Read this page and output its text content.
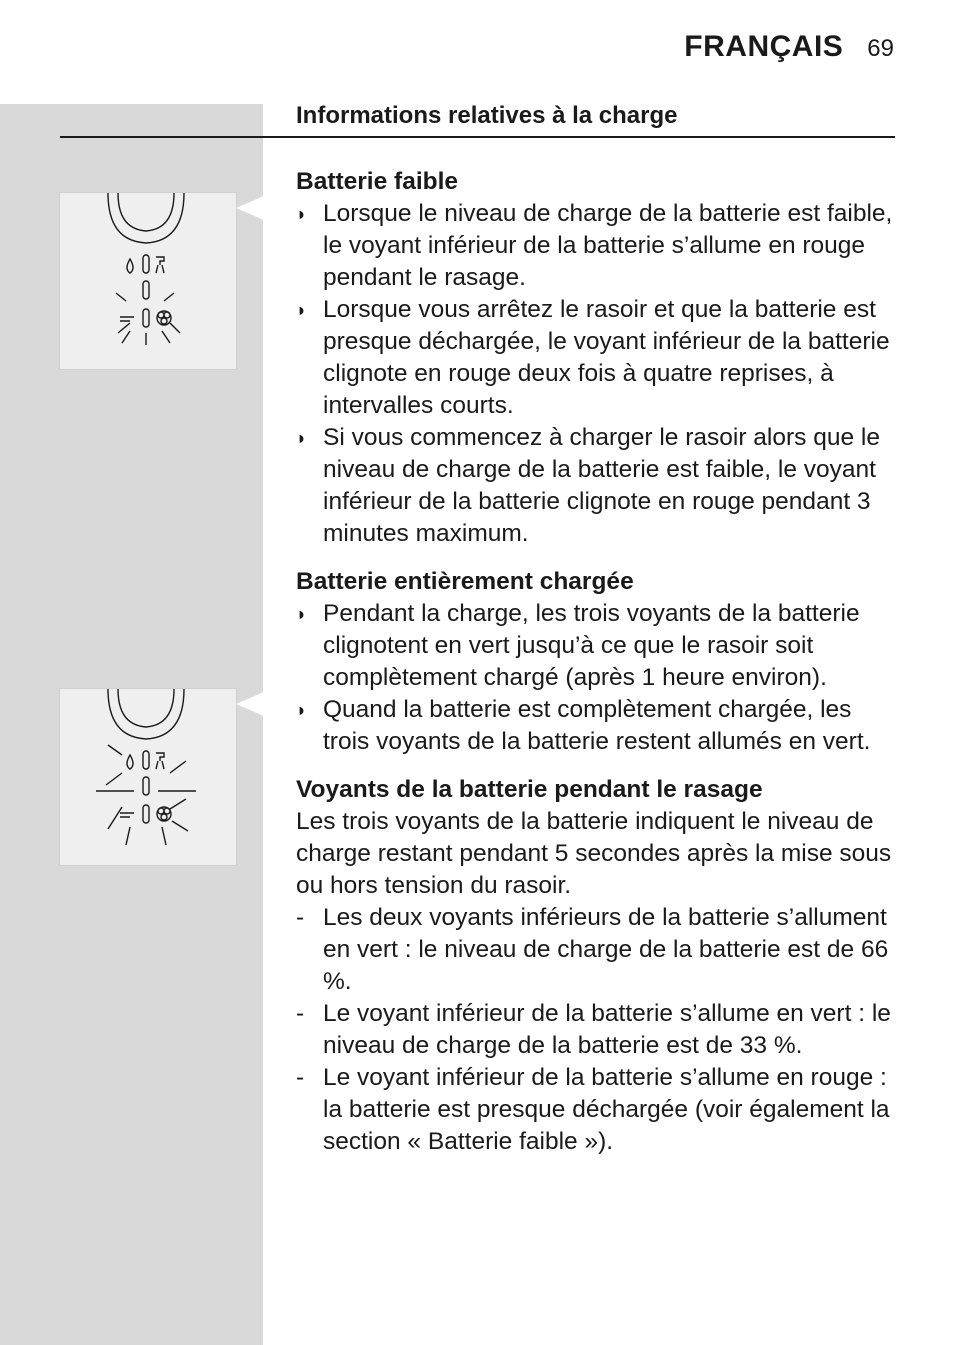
FRANÇAIS 69
Informations relatives à la charge

Batterie faible

◗ Lorsque le niveau de charge de la batterie est faible, le voyant inférieur de la batterie s’allume en rouge pendant le rasage.

◗ Lorsque vous arrêtez le rasoir et que la batterie est presque déchargée, le voyant inférieur de la batterie clignote en rouge deux fois à quatre reprises, à intervalles courts.

◗ Si vous commencez à charger le rasoir alors que le niveau de charge de la batterie est faible, le voyant inférieur de la batterie clignote en rouge pendant 3 minutes maximum.

Batterie entièrement chargée

◗ Pendant la charge, les trois voyants de la batterie clignotent en vert jusqu’à ce que le rasoir soit complètement chargé (après 1 heure environ).

◗ Quand la batterie est complètement chargée, les trois voyants de la batterie restent allumés en vert.

Voyants de la batterie pendant le rasage

Les trois voyants de la batterie indiquent le niveau de charge restant pendant 5 secondes après la mise sous ou hors tension du rasoir.

- Les deux voyants inférieurs de la batterie s’allument en vert : le niveau de charge de la batterie est de 66 %.

- Le voyant inférieur de la batterie s’allume en vert : le niveau de charge de la batterie est de 33 %.

- Le voyant inférieur de la batterie s’allume en rouge : la batterie est presque déchargée (voir également la section « Batterie faible »).
